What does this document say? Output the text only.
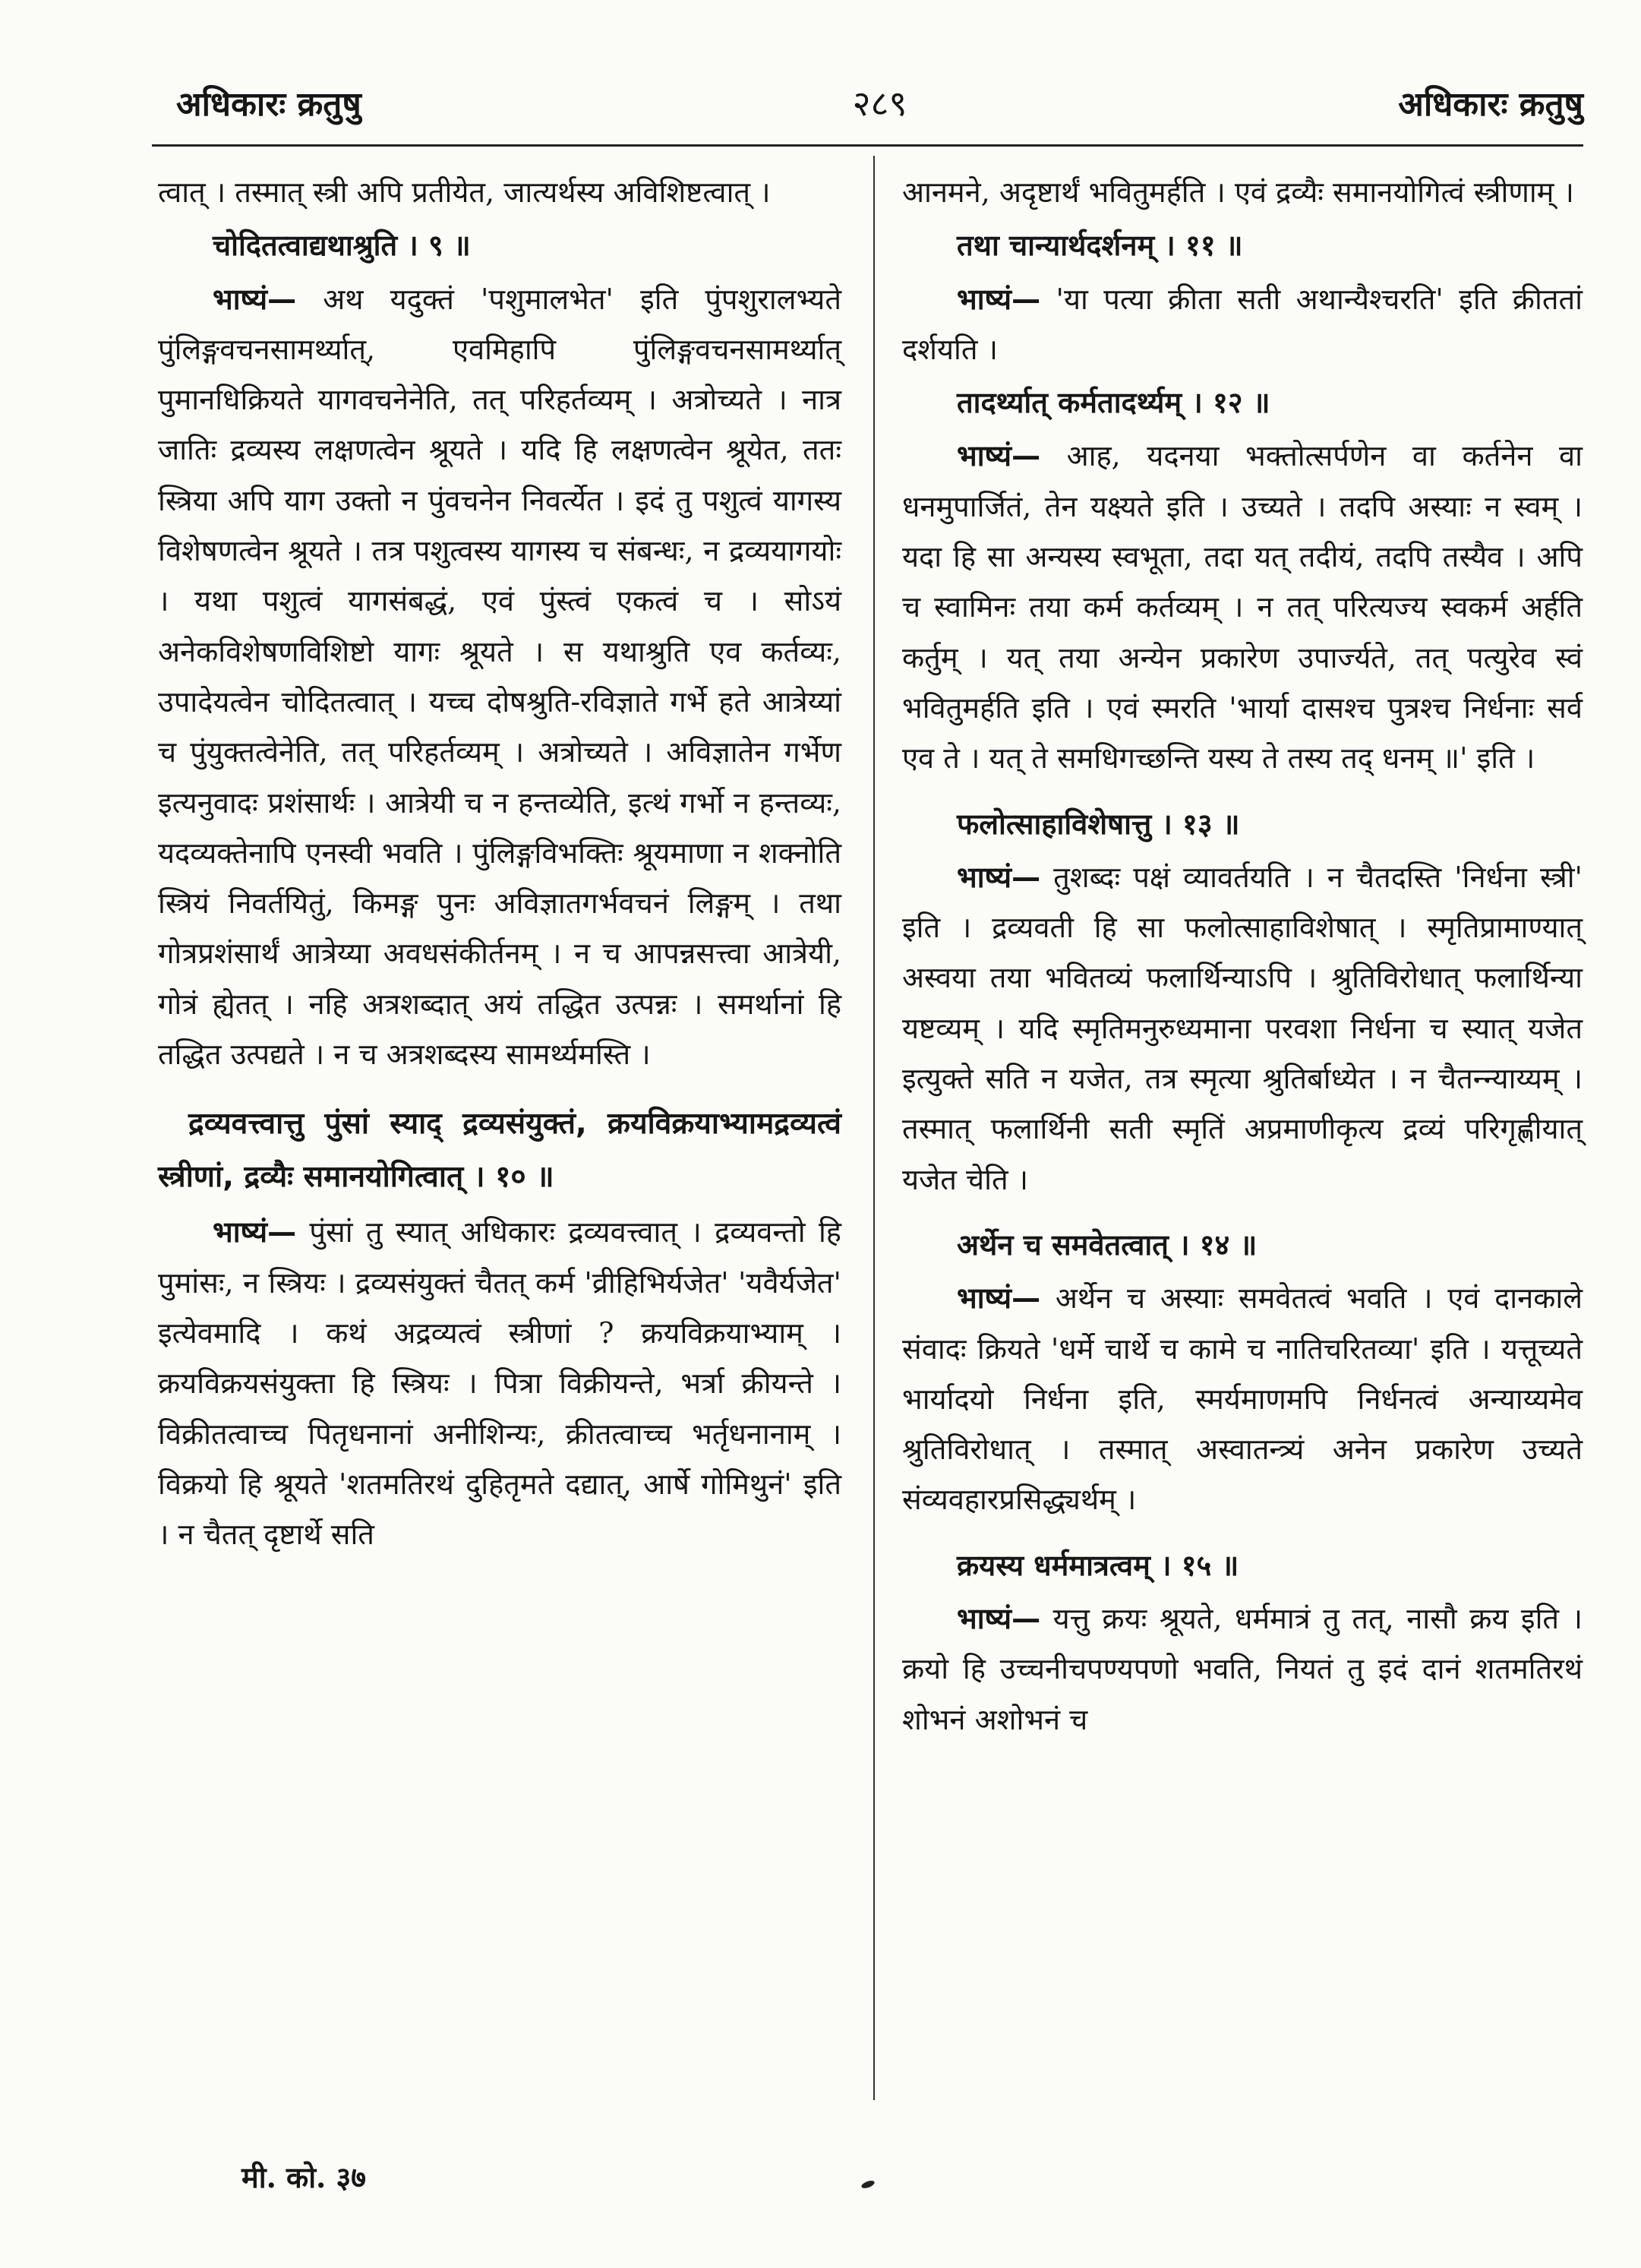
अधिकारः क्रतुषु	२८९	अधिकारः क्रतुषु

त्वात् । तस्मात् स्त्री अपि प्रतीयेत, जात्यर्थस्य अविशिष्टत्वात् ।

चोदितत्वाद्यथाश्रुति । ९ ॥

भाष्यं— अथ यदुक्तं 'पशुमालभेत' इति पुंपशुरालभ्यते पुंलिङ्गवचनसामर्थ्यात्, एवमिहापि पुंलिङ्गवचनसामर्थ्यात् पुमानधिक्रियते यागवचनेनेति, तत् परिहर्तव्यम् । अत्रोच्यते । नात्र जातिः द्रव्यस्य लक्षणत्वेन श्रूयते । यदि हि लक्षणत्वेन श्रूयेत, ततः स्त्रिया अपि याग उक्तो न पुंवचनेन निवर्त्येत । इदं तु पशुत्वं यागस्य विशेषणत्वेन श्रूयते । तत्र पशुत्वस्य यागस्य च संबन्धः, न द्रव्ययागयोः । यथा पशुत्वं यागसंबद्धं, एवं पुंस्त्वं एकत्वं च । सोऽयं अनेकविशेषणविशिष्टो यागः श्रूयते । स यथाश्रुति एव कर्तव्यः, उपादेयत्वेन चोदितत्वात् । यच्च दोषश्रुति-रविज्ञाते गर्भे हते आत्रेय्यां च पुंयुक्तत्वेनेति, तत् परिहर्तव्यम् । अत्रोच्यते । अविज्ञातेन गर्भेण इत्यनुवादः प्रशंसार्थः । आत्रेयी च न हन्तव्येति, इत्थं गर्भो न हन्तव्यः, यदव्यक्तेनापि एनस्वी भवति । पुंलिङ्गविभक्तिः श्रूयमाणा न शक्नोति स्त्रियं निवर्तयितुं, किमङ्ग पुनः अविज्ञातगर्भवचनं लिङ्गम् । तथा गोत्रप्रशंसार्थं आत्रेय्या अवधसंकीर्तनम् । न च आपन्नसत्त्वा आत्रेयी, गोत्रं ह्येतत् । नहि अत्रशब्दात् अयं तद्धित उत्पन्नः । समर्थानां हि तद्धित उत्पद्यते । न च अत्रशब्दस्य सामर्थ्यमस्ति ।

द्रव्यवत्त्वात्तु पुंसां स्याद् द्रव्यसंयुक्तं, क्रयविक्रयाभ्यामद्रव्यत्वं स्त्रीणां, द्रव्यैः समानयोगित्वात् । १० ॥

भाष्यं— पुंसां तु स्यात् अधिकारः द्रव्यवत्त्वात् । द्रव्यवन्तो हि पुमांसः, न स्त्रियः । द्रव्यसंयुक्तं चैतत् कर्म 'व्रीहिभिर्यजेत' 'यवैर्यजेत' इत्येवमादि । कथं अद्रव्यत्वं स्त्रीणां ? क्रयविक्रयाभ्याम् । क्रयविक्रयसंयुक्ता हि स्त्रियः । पित्रा विक्रीयन्ते, भर्त्रा क्रीयन्ते । विक्रीतत्वाच्च पितृधनानां अनीशिन्यः, क्रीतत्वाच्च भर्तृधनानाम् । विक्रयो हि श्रूयते 'शतमतिरथं दुहितृमते दद्यात्, आर्षे गोमिथुनं' इति । न चैतत् दृष्टार्थे सति

आनमने, अदृष्टार्थं भवितुमर्हति । एवं द्रव्यैः समानयोगित्वं स्त्रीणाम् ।

तथा चान्यार्थदर्शनम् । ११ ॥

भाष्यं— 'या पत्या क्रीता सती अथान्यैश्चरति' इति क्रीततां दर्शयति ।

तादर्थ्यात् कर्मतादर्थ्यम् । १२ ॥

भाष्यं— आह, यदनया भक्तोत्सर्पणेन वा कर्तनेन वा धनमुपार्जितं, तेन यक्ष्यते इति । उच्यते । तदपि अस्याः न स्वम् । यदा हि सा अन्यस्य स्वभूता, तदा यत् तदीयं, तदपि तस्यैव । अपि च स्वामिनः तया कर्म कर्तव्यम् । न तत् परित्यज्य स्वकर्म अर्हति कर्तुम् । यत् तया अन्येन प्रकारेण उपार्ज्यते, तत् पत्युरेव स्वं भवितुमर्हति इति । एवं स्मरति 'भार्या दासश्च पुत्रश्च निर्धनाः सर्व एव ते । यत् ते समधिगच्छन्ति यस्य ते तस्य तद् धनम् ॥' इति ।

फलोत्साहाविशेषात्तु । १३ ॥

भाष्यं— तुशब्दः पक्षं व्यावर्तयति । न चैतदस्ति 'निर्धना स्त्री' इति । द्रव्यवती हि सा फलोत्साहाविशेषात् । स्मृतिप्रामाण्यात् अस्वया तया भवितव्यं फलार्थिन्याऽपि । श्रुतिविरोधात् फलार्थिन्या यष्टव्यम् । यदि स्मृतिमनुरुध्यमाना परवशा निर्धना च स्यात् यजेत इत्युक्ते सति न यजेत, तत्र स्मृत्या श्रुतिर्बाध्येत । न चैतन्न्याय्यम् । तस्मात् फलार्थिनी सती स्मृतिं अप्रमाणीकृत्य द्रव्यं परिगृह्णीयात् यजेत चेति ।

अर्थेन च समवेतत्वात् । १४ ॥

भाष्यं— अर्थेन च अस्याः समवेतत्वं भवति । एवं दानकाले संवादः क्रियते 'धर्मे चार्थे च कामे च नातिचरितव्या' इति । यत्तूच्यते भार्यादयो निर्धना इति, स्मर्यमाणमपि निर्धनत्वं अन्याय्यमेव श्रुतिविरोधात् । तस्मात् अस्वातन्त्र्यं अनेन प्रकारेण उच्यते संव्यवहारप्रसिद्ध्यर्थम् ।

क्रयस्य धर्ममात्रत्वम् । १५ ॥

भाष्यं— यत्तु क्रयः श्रूयते, धर्ममात्रं तु तत्, नासौ क्रय इति । क्रयो हि उच्चनीचपण्यपणो भवति, नियतं तु इदं दानं शतमतिरथं शोभनं अशोभनं च

मी. को. ३७
